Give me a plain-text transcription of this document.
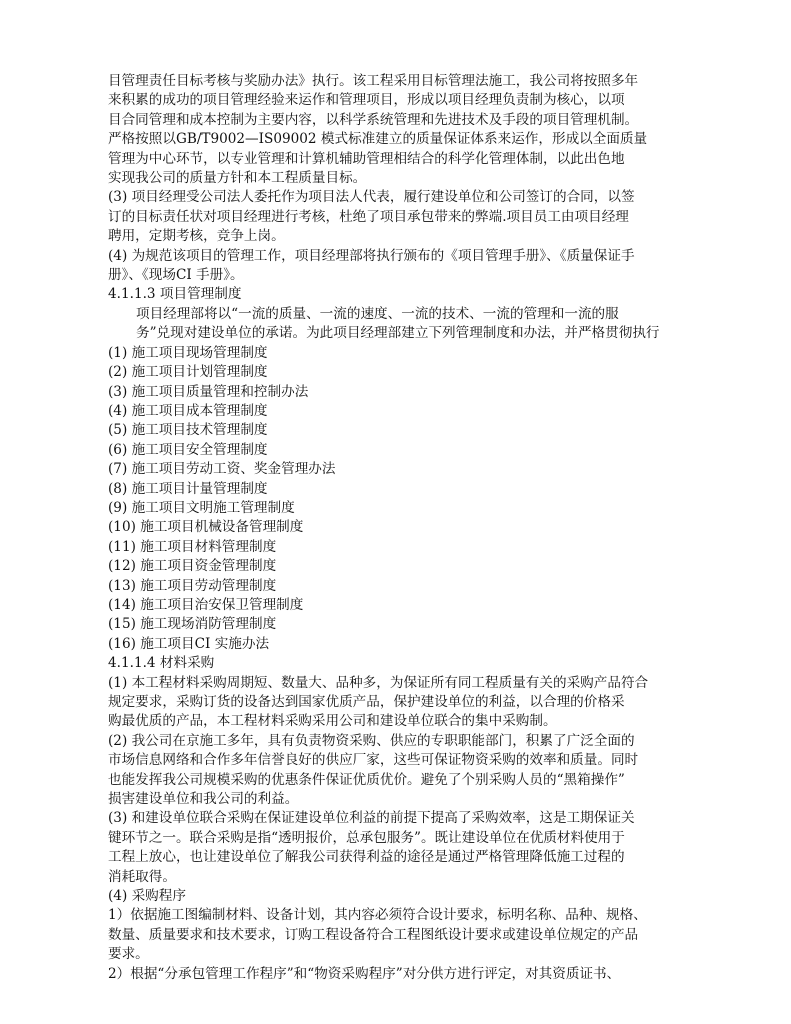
目管理责任目标考核与奖励办法》执行。该工程采用目标管理法施工，我公司将按照多年
来积累的成功的项目管理经验来运作和管理项目，形成以项目经理负责制为核心，以项
目合同管理和成本控制为主要内容，以科学系统管理和先进技术及手段的项目管理机制。
严格按照以GB/T9002—IS09002 模式标准建立的质量保证体系来运作，形成以全面质量
管理为中心环节，以专业管理和计算机辅助管理相结合的科学化管理体制，以此出色地
实现我公司的质量方针和本工程质量目标。
(3) 项目经理受公司法人委托作为项目法人代表，履行建设单位和公司签订的合同，以签
订的目标责任状对项目经理进行考核，杜绝了项目承包带来的弊端.项目员工由项目经理
聘用，定期考核，竞争上岗。
(4) 为规范该项目的管理工作，项目经理部将执行颁布的《项目管理手册》、《质量保证手
册》、《现场CI 手册》。
4.1.1.3 项目管理制度
项目经理部将以“一流的质量、一流的速度、一流的技术、一流的管理和一流的服
务”兑现对建设单位的承诺。为此项目经理部建立下列管理制度和办法，并严格贯彻执行
(1) 施工项目现场管理制度
(2) 施工项目计划管理制度
(3) 施工项目质量管理和控制办法
(4) 施工项目成本管理制度
(5) 施工项目技术管理制度
(6) 施工项目安全管理制度
(7) 施工项目劳动工资、奖金管理办法
(8) 施工项目计量管理制度
(9) 施工项目文明施工管理制度
(10) 施工项目机械设备管理制度
(11) 施工项目材料管理制度
(12) 施工项目资金管理制度
(13) 施工项目劳动管理制度
(14) 施工项目治安保卫管理制度
(15) 施工现场消防管理制度
(16) 施工项目CI 实施办法
4.1.1.4 材料采购
(1) 本工程材料采购周期短、数量大、品种多，为保证所有同工程质量有关的采购产品符合
规定要求，采购订货的设备达到国家优质产品，保护建设单位的利益，以合理的价格采
购最优质的产品，本工程材料采购采用公司和建设单位联合的集中采购制。
(2) 我公司在京施工多年，具有负责物资采购、供应的专职职能部门，积累了广泛全面的
市场信息网络和合作多年信誉良好的供应厂家，这些可保证物资采购的效率和质量。同时
也能发挥我公司规模采购的优惠条件保证优质优价。避免了个别采购人员的“黑箱操作”
损害建设单位和我公司的利益。
(3) 和建设单位联合采购在保证建设单位利益的前提下提高了采购效率，这是工期保证关
键环节之一。联合采购是指“透明报价，总承包服务”。既让建设单位在优质材料使用于
工程上放心，也让建设单位了解我公司获得利益的途径是通过严格管理降低施工过程的
消耗取得。
(4) 采购程序
1）依据施工图编制材料、设备计划，其内容必须符合设计要求，标明名称、品种、规格、
数量、质量要求和技术要求，订购工程设备符合工程图纸设计要求或建设单位规定的产品
要求。
2）根据“分承包管理工作程序”和“物资采购程序”对分供方进行评定，对其资质证书、
